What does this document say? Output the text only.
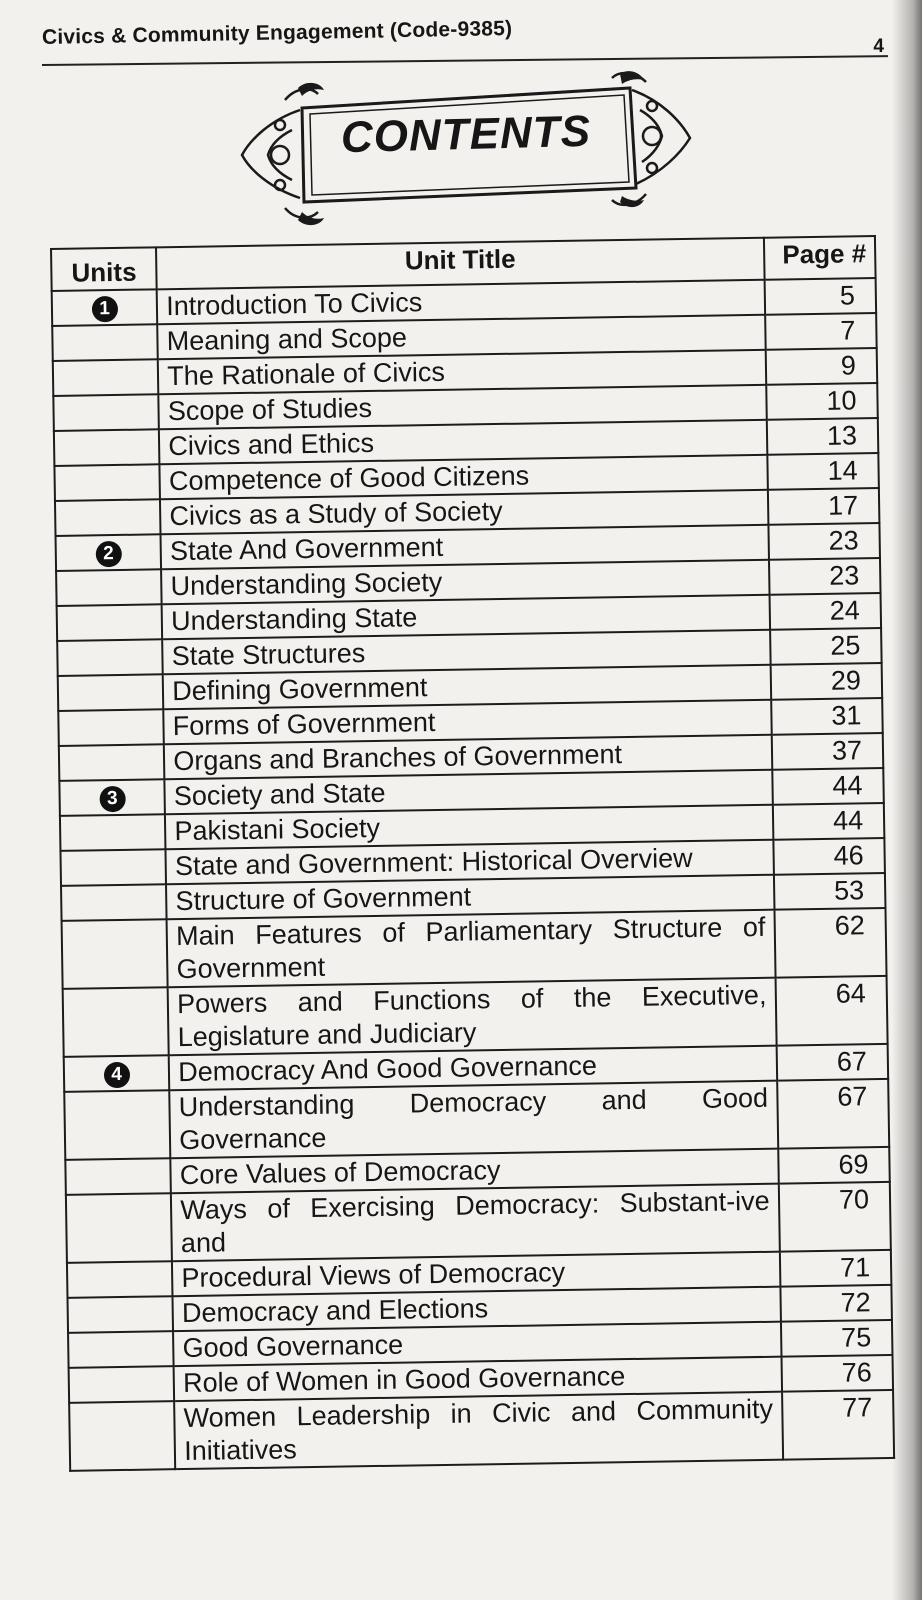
Civics & Community Engagement (Code-9385)	4
CONTENTS
Units	Unit Title	Page #
1	Introduction To Civics	5
	Meaning and Scope	7
	The Rationale of Civics	9
	Scope of Studies	10
	Civics and Ethics	13
	Competence of Good Citizens	14
	Civics as a Study of Society	17
2	State And Government	23
	Understanding Society	23
	Understanding State	24
	State Structures	25
	Defining Government	29
	Forms of Government	31
	Organs and Branches of Government	37
3	Society and State	44
	Pakistani Society	44
	State and Government: Historical Overview	46
	Structure of Government	53
	Main Features of Parliamentary Structure of Government	62
	Powers and Functions of the Executive, Legislature and Judiciary	64
4	Democracy And Good Governance	67
	Understanding Democracy and Good Governance	67
	Core Values of Democracy	69
	Ways of Exercising Democracy: Substant-ive and	70
	Procedural Views of Democracy	71
	Democracy and Elections	72
	Good Governance	75
	Role of Women in Good Governance	76
	Women Leadership in Civic and Community Initiatives	77
